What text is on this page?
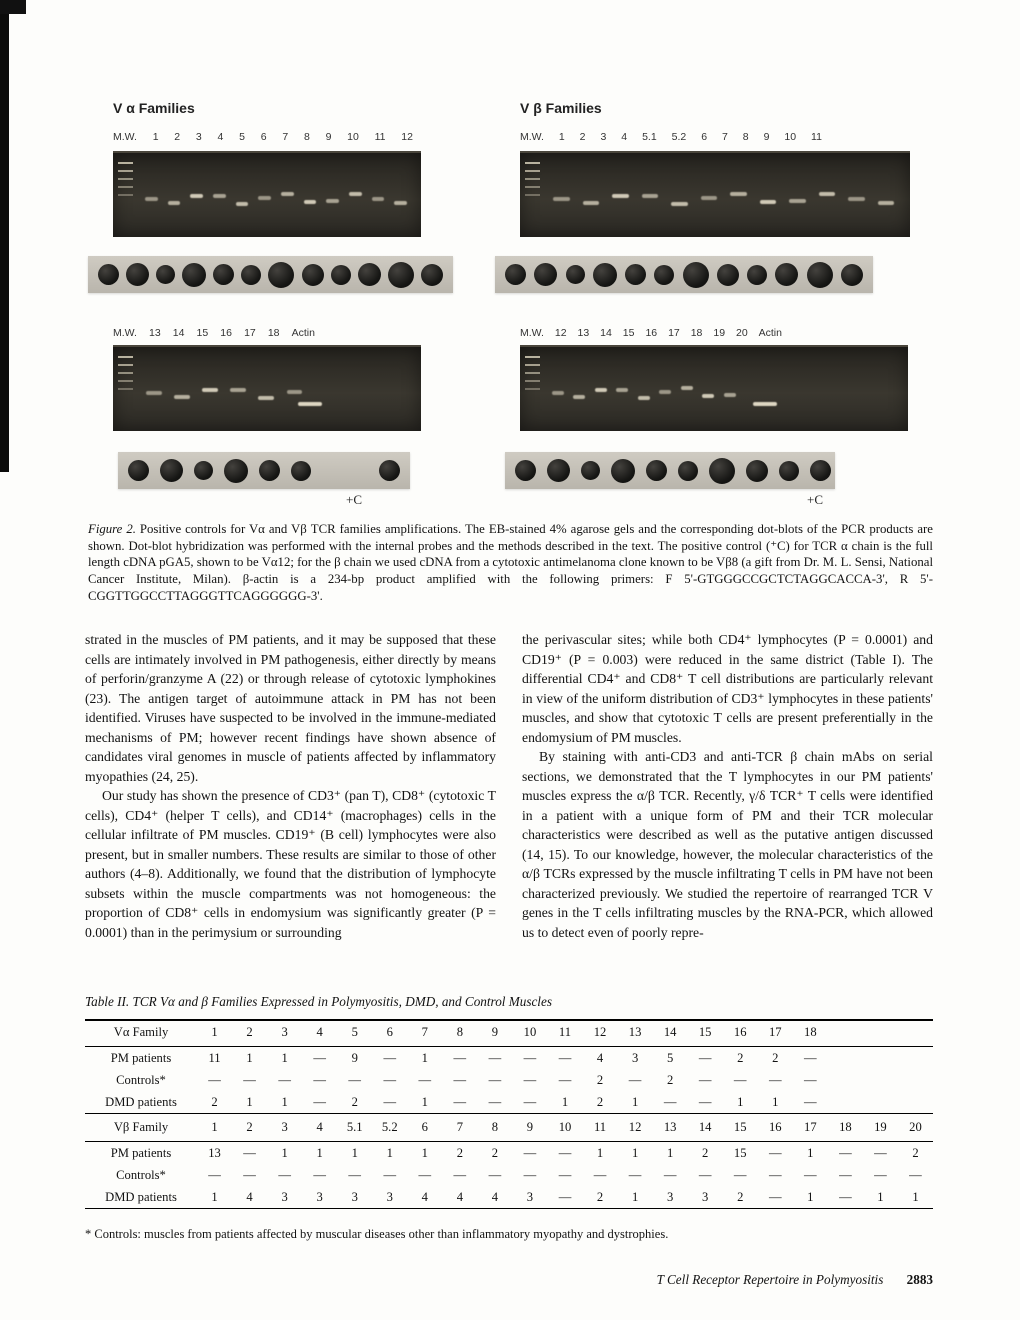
V α Families
M.W. 1 2 3 4 5 6 7 8 9 10 11 12
M.W. 13 14 15 16 17 18 Actin
+C
V β Families
M.W. 1 2 3 4 5.1 5.2 6 7 8 9 10 11
M.W. 12 13 14 15 16 17 18 19 20 Actin
+C

Figure 2. Positive controls for Vα and Vβ TCR families amplifications. The EB-stained 4% agarose gels and the corresponding dot-blots of the PCR products are shown. Dot-blot hybridization was performed with the internal probes and the methods described in the text. The positive control (⁺C) for TCR α chain is the full length cDNA pGA5, shown to be Vα12; for the β chain we used cDNA from a cytotoxic antimelanoma clone known to be Vβ8 (a gift from Dr. M. L. Sensi, National Cancer Institute, Milan). β-actin is a 234-bp product amplified with the following primers: F 5'-GTGGGCCGCTCTAGGCACCA-3', R 5'-CGGTTGGCCTTAGGGTTCAGGGGGG-3'.

strated in the muscles of PM patients, and it may be supposed that these cells are intimately involved in PM pathogenesis, either directly by means of perforin/granzyme A (22) or through release of cytotoxic lymphokines (23). The antigen target of autoimmune attack in PM has not been identified. Viruses have suspected to be involved in the immune-mediated mechanisms of PM; however recent findings have shown absence of candidates viral genomes in muscle of patients affected by inflammatory myopathies (24, 25).

Our study has shown the presence of CD3⁺ (pan T), CD8⁺ (cytotoxic T cells), CD4⁺ (helper T cells), and CD14⁺ (macrophages) cells in the cellular infiltrate of PM muscles. CD19⁺ (B cell) lymphocytes were also present, but in smaller numbers. These results are similar to those of other authors (4–8). Additionally, we found that the distribution of lymphocyte subsets within the muscle compartments was not homogeneous: the proportion of CD8⁺ cells in endomysium was significantly greater (P = 0.0001) than in the perimysium or surrounding

the perivascular sites; while both CD4⁺ lymphocytes (P = 0.0001) and CD19⁺ (P = 0.003) were reduced in the same district (Table I). The differential CD4⁺ and CD8⁺ T cell distributions are particularly relevant in view of the uniform distribution of CD3⁺ lymphocytes in these patients' muscles, and show that cytotoxic T cells are present preferentially in the endomysium of PM muscles.

By staining with anti-CD3 and anti-TCR β chain mAbs on serial sections, we demonstrated that the T lymphocytes in our PM patients' muscles express the α/β TCR. Recently, γ/δ TCR⁺ T cells were identified in a patient with a unique form of PM and their TCR molecular characteristics were described as well as the putative antigen discussed (14, 15). To our knowledge, however, the molecular characteristics of the α/β TCRs expressed by the muscle infiltrating T cells in PM have not been characterized previously. We studied the repertoire of rearranged TCR V genes in the T cells infiltrating muscles by the RNA-PCR, which allowed us to detect even of poorly repre-

Table II. TCR Vα and β Families Expressed in Polymyositis, DMD, and Control Muscles

Vα Family	1	2	3	4	5	6	7	8	9	10	11	12	13	14	15	16	17	18			
PM patients	11	1	1	—	9	—	1	—	—	—	—	4	3	5	—	2	2	—			
Controls*	—	—	—	—	—	—	—	—	—	—	—	2	—	2	—	—	—	—			
DMD patients	2	1	1	—	2	—	1	—	—	—	1	2	1	—	—	1	1	—			
Vβ Family	1	2	3	4	5.1	5.2	6	7	8	9	10	11	12	13	14	15	16	17	18	19	20
PM patients	13	—	1	1	1	1	1	2	2	—	—	1	1	1	2	15	—	1	—	—	2
Controls*	—	—	—	—	—	—	—	—	—	—	—	—	—	—	—	—	—	—	—	—	—
DMD patients	1	4	3	3	3	3	4	4	4	3	—	2	1	3	3	2	—	1	—	1	1

* Controls: muscles from patients affected by muscular diseases other than inflammatory myopathy and dystrophies.

T Cell Receptor Repertoire in Polymyositis 2883
